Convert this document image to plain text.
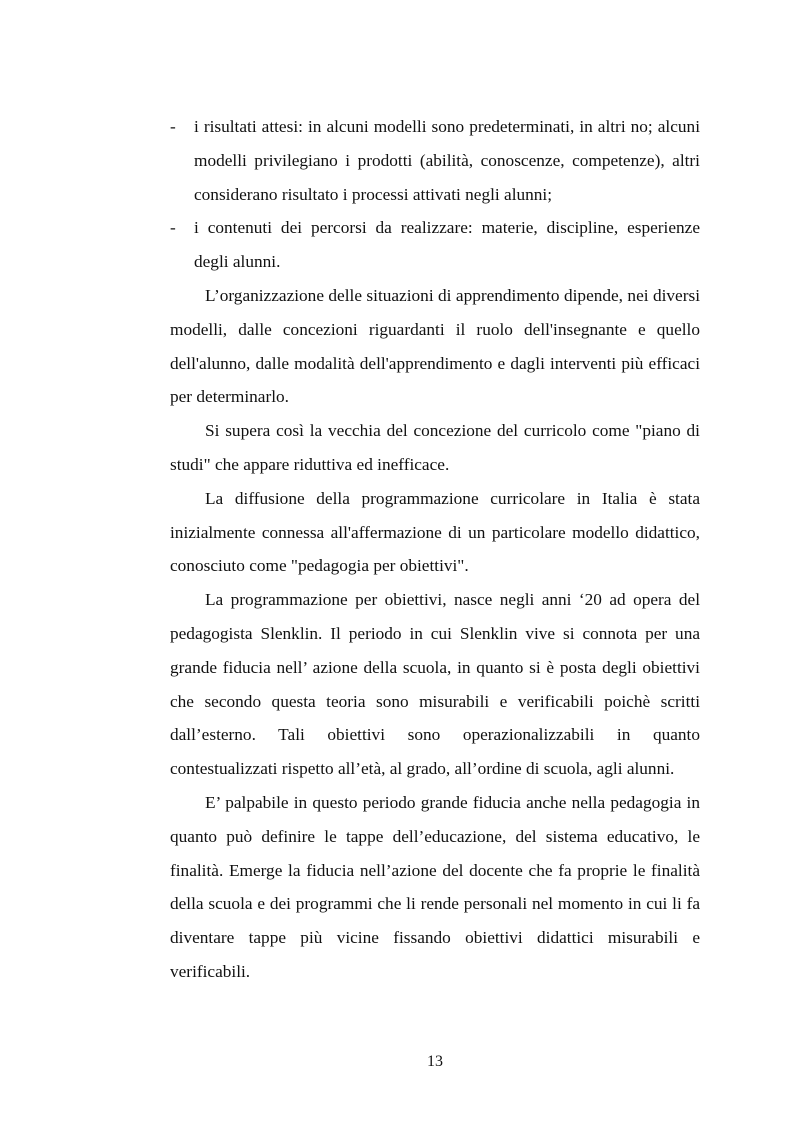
- i risultati attesi: in alcuni modelli sono predeterminati, in altri no; alcuni modelli privilegiano i prodotti (abilità, conoscenze, competenze), altri considerano risultato i processi attivati negli alunni;
- i contenuti dei percorsi da realizzare: materie, discipline, esperienze degli alunni.
L’organizzazione delle situazioni di apprendimento dipende, nei diversi modelli, dalle concezioni riguardanti il ruolo dell'insegnante e quello dell'alunno, dalle modalità dell'apprendimento e dagli interventi più efficaci per determinarlo.
Si supera così la vecchia del concezione del curricolo come "piano di studi" che appare riduttiva ed inefficace.
La diffusione della programmazione curricolare in Italia è stata inizialmente connessa all'affermazione di un particolare modello didattico, conosciuto come "pedagogia per obiettivi".
La programmazione per obiettivi, nasce negli anni ‘20 ad opera del pedagogista Slenklin. Il periodo in cui Slenklin vive si connota per una grande fiducia nell’ azione della scuola, in quanto si è posta degli obiettivi che secondo questa teoria sono misurabili e verificabili poichè scritti dall’esterno. Tali obiettivi sono operazionalizzabili in quanto contestualizzati rispetto all’età, al grado, all’ordine di scuola, agli alunni.
E’ palpabile in questo periodo grande fiducia anche nella pedagogia in quanto può definire le tappe dell’educazione, del sistema educativo, le finalità. Emerge la fiducia nell’azione del docente che fa proprie le finalità della scuola e dei programmi che li rende personali nel momento in cui li fa diventare tappe più vicine fissando obiettivi didattici misurabili e verificabili.
13
